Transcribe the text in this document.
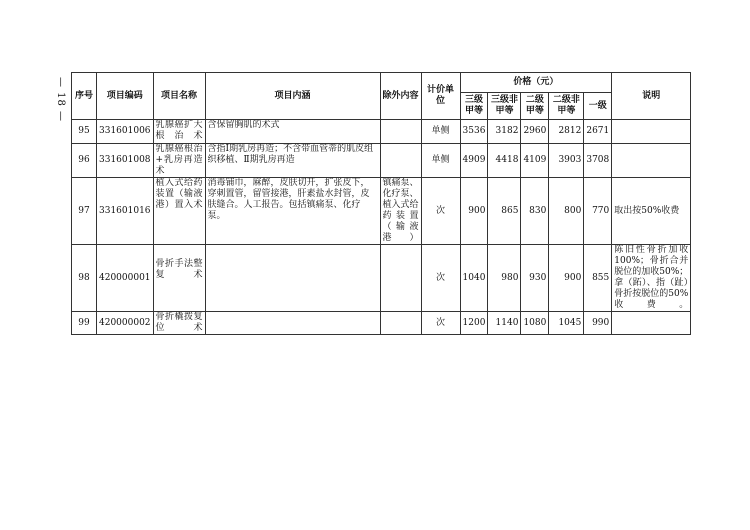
— 18 — 序号	项目编码	项目名称	项目内涵	除外内容	计价单位	价格（元）					说明
						三级甲等	三级非甲等	二级甲等	二级非甲等	一级	
95	331601006	乳腺癌扩大根治术	含保留胸肌的术式		单侧	3536	3182	2960	2812	2671	
96	331601008	乳腺癌根治+乳房再造术	含指Ⅰ期乳房再造；不含带血管蒂的肌皮组织移植、Ⅱ期乳房再造		单侧	4909	4418	4109	3903	3708	
97	331601016	植入式给药装置（输液港）置入术	消毒铺巾，麻醉，皮肤切开，扩张皮下，穿刺置管，留管接港，肝素盐水封管，皮肤缝合。人工报告。包括镇痛泵、化疗泵。	镇痛泵、化疗泵、植入式给药装置（输液港）	次	900	865	830	800	770	取出按50%收费
98	420000001	骨折手法整复术			次	1040	980	930	900	855	陈旧性骨折加收100%；骨折合并脱位的加收50%；拿（跖）、指（趾）骨折按脱位的50%收费。
99	420000002	骨折橇拨复位术			次	1200	1140	1080	1045	990	
